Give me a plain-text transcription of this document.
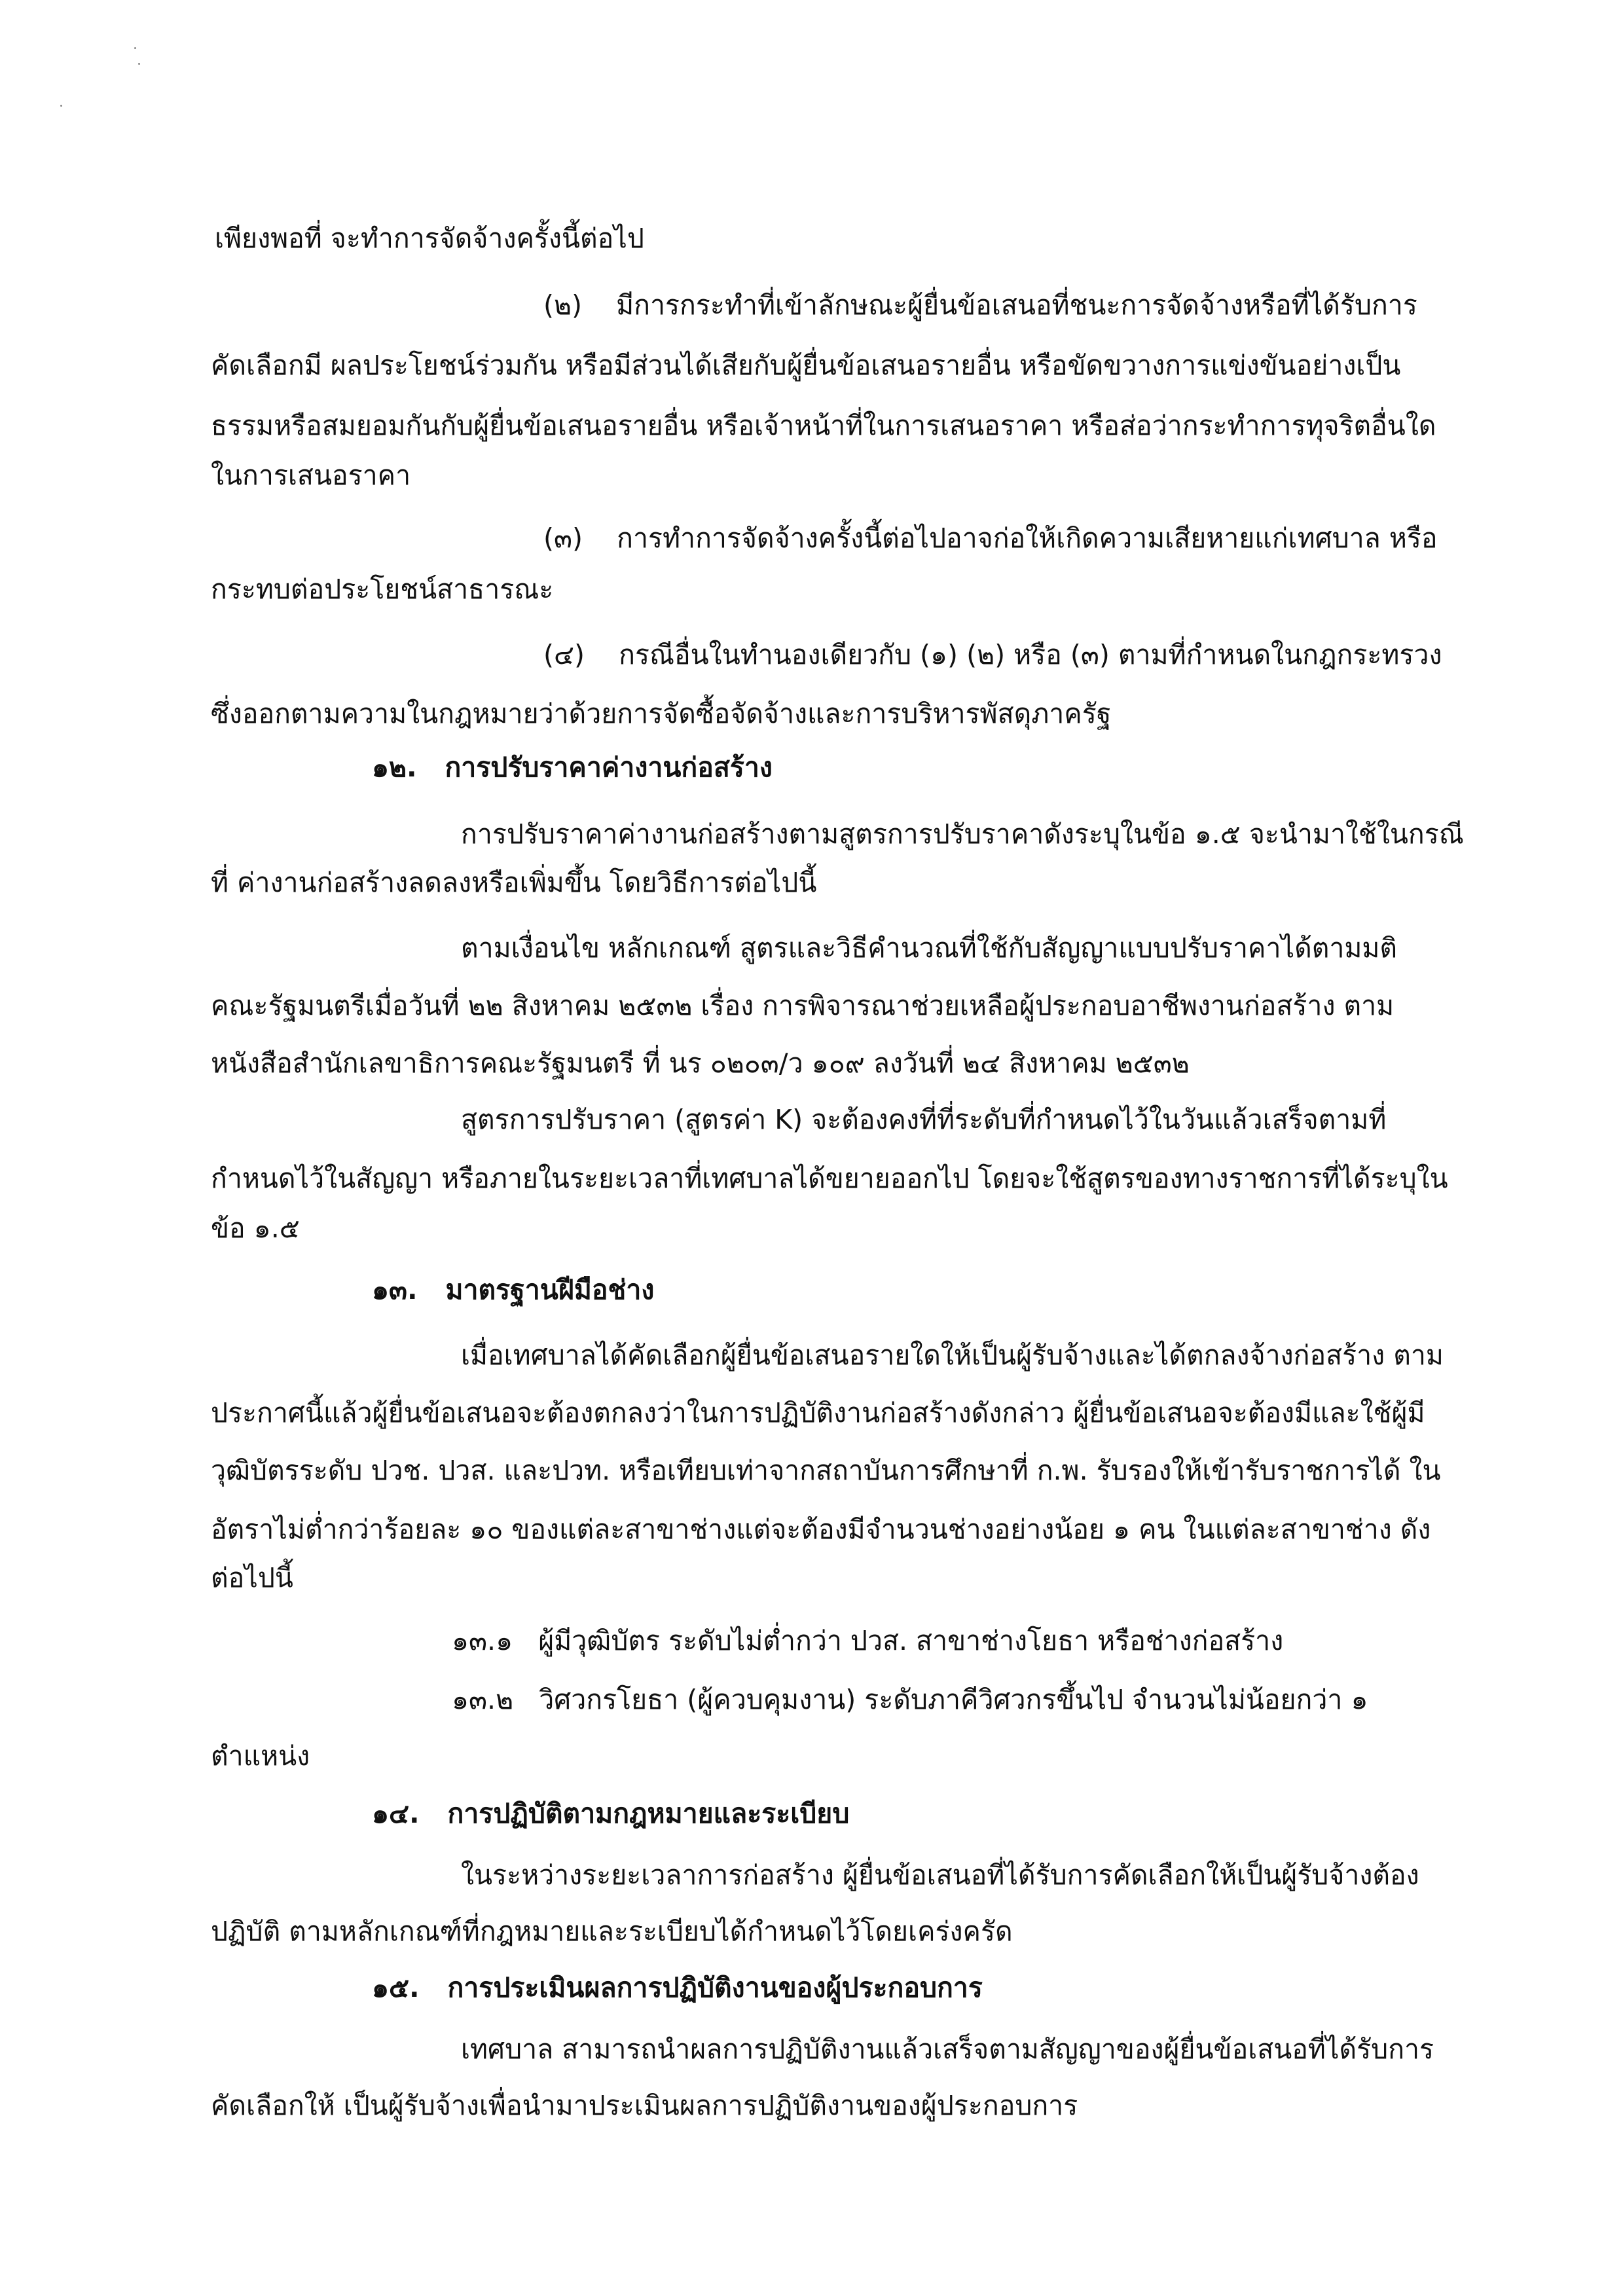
เพียงพอที่ จะทำการจัดจ้างครั้งนี้ต่อไป
(๒)    มีการกระทำที่เข้าลักษณะผู้ยื่นข้อเสนอที่ชนะการจัดจ้างหรือที่ได้รับการ
คัดเลือกมี ผลประโยชน์ร่วมกัน หรือมีส่วนได้เสียกับผู้ยื่นข้อเสนอรายอื่น หรือขัดขวางการแข่งขันอย่างเป็น
ธรรมหรือสมยอมกันกับผู้ยื่นข้อเสนอรายอื่น หรือเจ้าหน้าที่ในการเสนอราคา หรือส่อว่ากระทำการทุจริตอื่นใด
ในการเสนอราคา
(๓)    การทำการจัดจ้างครั้งนี้ต่อไปอาจก่อให้เกิดความเสียหายแก่เทศบาล หรือ
กระทบต่อประโยชน์สาธารณะ
(๔)    กรณีอื่นในทำนองเดียวกับ (๑) (๒) หรือ (๓) ตามที่กำหนดในกฎกระทรวง
ซึ่งออกตามความในกฎหมายว่าด้วยการจัดซื้อจัดจ้างและการบริหารพัสดุภาครัฐ
๑๒.   การปรับราคาค่างานก่อสร้าง
การปรับราคาค่างานก่อสร้างตามสูตรการปรับราคาดังระบุในข้อ ๑.๕ จะนำมาใช้ในกรณี
ที่ ค่างานก่อสร้างลดลงหรือเพิ่มขึ้น โดยวิธีการต่อไปนี้
ตามเงื่อนไข หลักเกณฑ์ สูตรและวิธีคำนวณที่ใช้กับสัญญาแบบปรับราคาได้ตามมติ
คณะรัฐมนตรีเมื่อวันที่ ๒๒ สิงหาคม ๒๕๓๒ เรื่อง การพิจารณาช่วยเหลือผู้ประกอบอาชีพงานก่อสร้าง ตาม
หนังสือสำนักเลขาธิการคณะรัฐมนตรี ที่ นร ๐๒๐๓/ว ๑๐๙ ลงวันที่ ๒๔ สิงหาคม ๒๕๓๒
สูตรการปรับราคา (สูตรค่า K) จะต้องคงที่ที่ระดับที่กำหนดไว้ในวันแล้วเสร็จตามที่
กำหนดไว้ในสัญญา หรือภายในระยะเวลาที่เทศบาลได้ขยายออกไป โดยจะใช้สูตรของทางราชการที่ได้ระบุใน
ข้อ ๑.๕
๑๓.   มาตรฐานฝีมือช่าง
เมื่อเทศบาลได้คัดเลือกผู้ยื่นข้อเสนอรายใดให้เป็นผู้รับจ้างและได้ตกลงจ้างก่อสร้าง ตาม
ประกาศนี้แล้วผู้ยื่นข้อเสนอจะต้องตกลงว่าในการปฏิบัติงานก่อสร้างดังกล่าว ผู้ยื่นข้อเสนอจะต้องมีและใช้ผู้มี
วุฒิบัตรระดับ ปวช. ปวส. และปวท. หรือเทียบเท่าจากสถาบันการศึกษาที่ ก.พ. รับรองให้เข้ารับราชการได้ ใน
อัตราไม่ต่ำกว่าร้อยละ ๑๐ ของแต่ละสาขาช่างแต่จะต้องมีจำนวนช่างอย่างน้อย ๑ คน ในแต่ละสาขาช่าง ดัง
ต่อไปนี้
๑๓.๑   ผู้มีวุฒิบัตร ระดับไม่ต่ำกว่า ปวส. สาขาช่างโยธา หรือช่างก่อสร้าง
๑๓.๒   วิศวกรโยธา (ผู้ควบคุมงาน) ระดับภาคีวิศวกรขึ้นไป จำนวนไม่น้อยกว่า ๑
ตำแหน่ง
๑๔.   การปฏิบัติตามกฎหมายและระเบียบ
ในระหว่างระยะเวลาการก่อสร้าง ผู้ยื่นข้อเสนอที่ได้รับการคัดเลือกให้เป็นผู้รับจ้างต้อง
ปฏิบัติ ตามหลักเกณฑ์ที่กฎหมายและระเบียบได้กำหนดไว้โดยเคร่งครัด
๑๕.   การประเมินผลการปฏิบัติงานของผู้ประกอบการ
เทศบาล สามารถนำผลการปฏิบัติงานแล้วเสร็จตามสัญญาของผู้ยื่นข้อเสนอที่ได้รับการ
คัดเลือกให้ เป็นผู้รับจ้างเพื่อนำมาประเมินผลการปฏิบัติงานของผู้ประกอบการ
